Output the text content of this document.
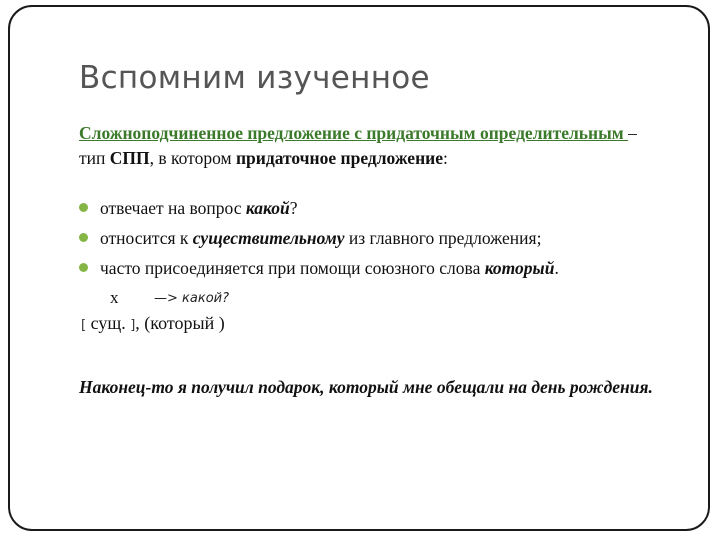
Вспомним изученное
Сложноподчиненное предложение с придаточным определительным – тип СПП, в котором придаточное предложение:
отвечает на вопрос какой?
относится к существительному из главного предложения;
часто присоединяется при помощи союзного слова который.
х	—> какой?
[ сущ. ], (который )
Наконец-то я получил подарок, который мне обещали на день рождения.
